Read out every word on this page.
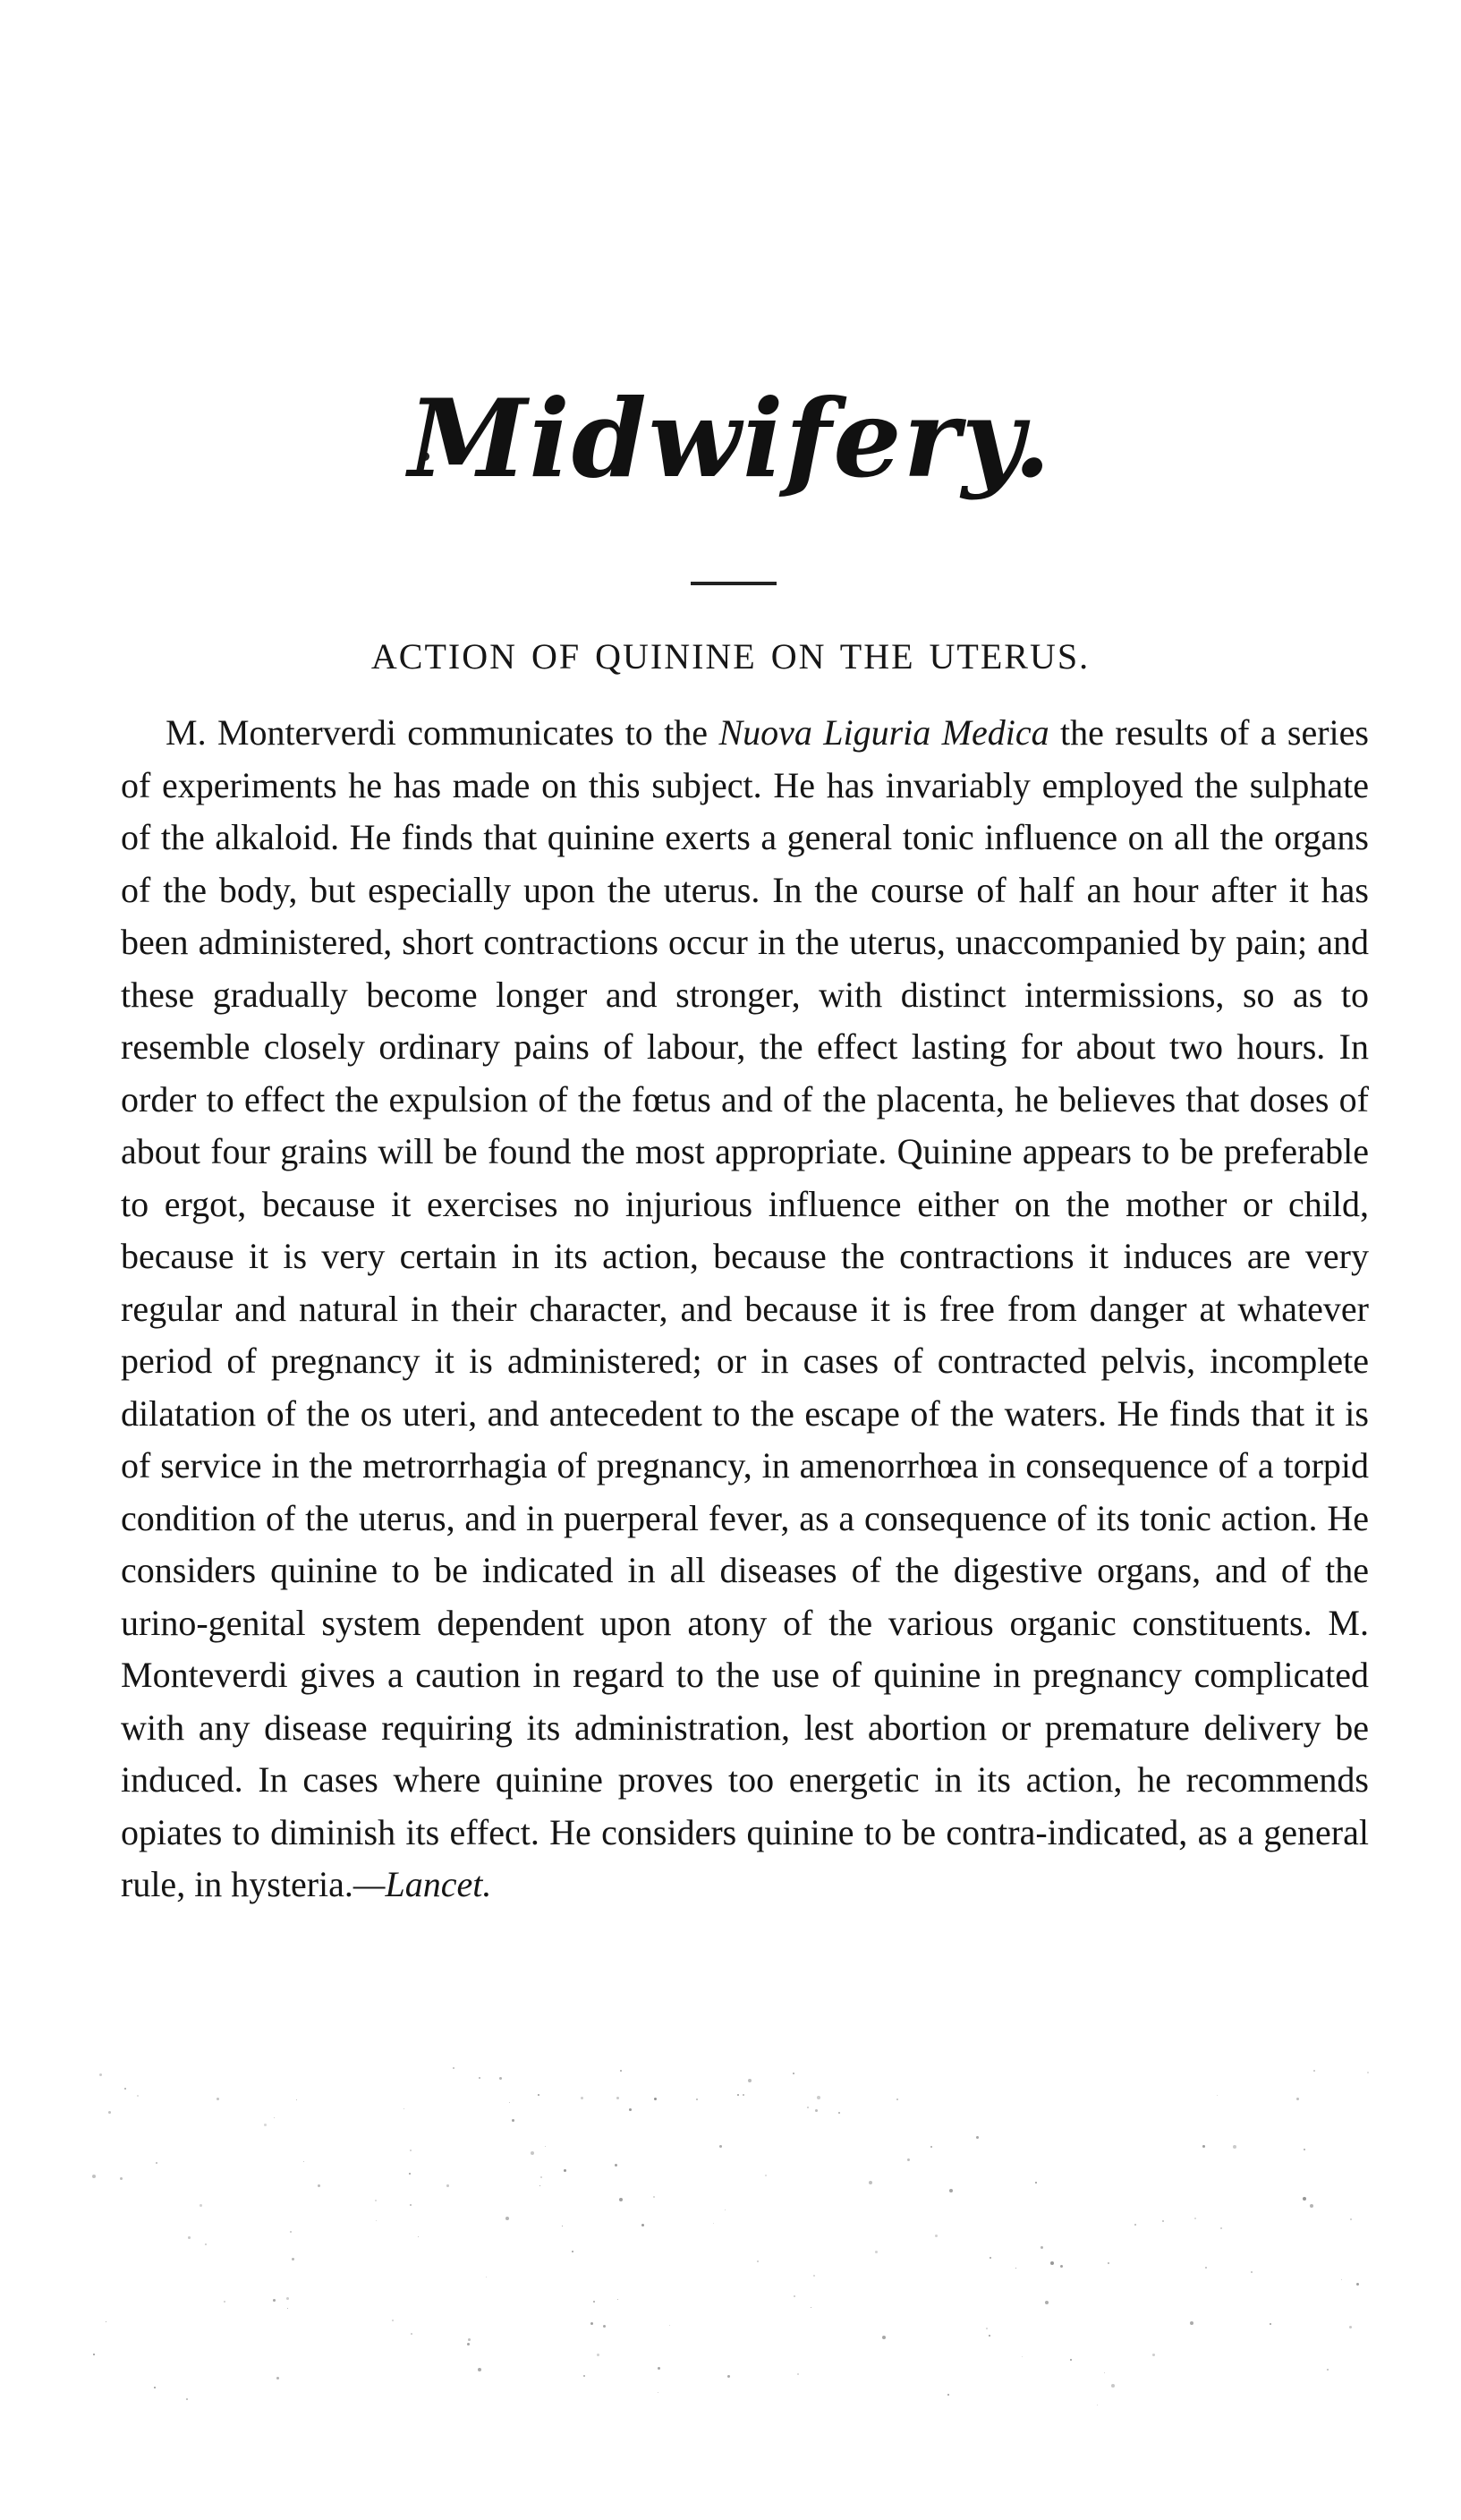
Midwifery.
ACTION OF QUININE ON THE UTERUS.

M. Monterverdi communicates to the Nuova Liguria Medica the results of a series of experiments he has made on this subject. He has invariably employed the sulphate of the alkaloid. He finds that quinine exerts a general tonic influence on all the organs of the body, but especially upon the uterus. In the course of half an hour after it has been administered, short contractions occur in the uterus, unaccompanied by pain; and these gradually become longer and stronger, with distinct intermissions, so as to resemble closely ordinary pains of labour, the effect lasting for about two hours. In order to effect the expulsion of the fœtus and of the placenta, he believes that doses of about four grains will be found the most appropriate. Quinine appears to be preferable to ergot, because it exercises no injurious influence either on the mother or child, because it is very certain in its action, because the contractions it induces are very regular and natural in their character, and because it is free from danger at whatever period of pregnancy it is administered; or in cases of contracted pelvis, incomplete dilatation of the os uteri, and antecedent to the escape of the waters. He finds that it is of service in the metrorrhagia of pregnancy, in amenorrhœa in consequence of a torpid condition of the uterus, and in puerperal fever, as a consequence of its tonic action. He considers quinine to be indicated in all diseases of the digestive organs, and of the urino-genital system dependent upon atony of the various organic constituents. M. Monteverdi gives a caution in regard to the use of quinine in pregnancy complicated with any disease requiring its administration, lest abortion or premature delivery be induced. In cases where quinine proves too energetic in its action, he recommends opiates to diminish its effect. He considers quinine to be contra-indicated, as a general rule, in hysteria.—Lancet.
